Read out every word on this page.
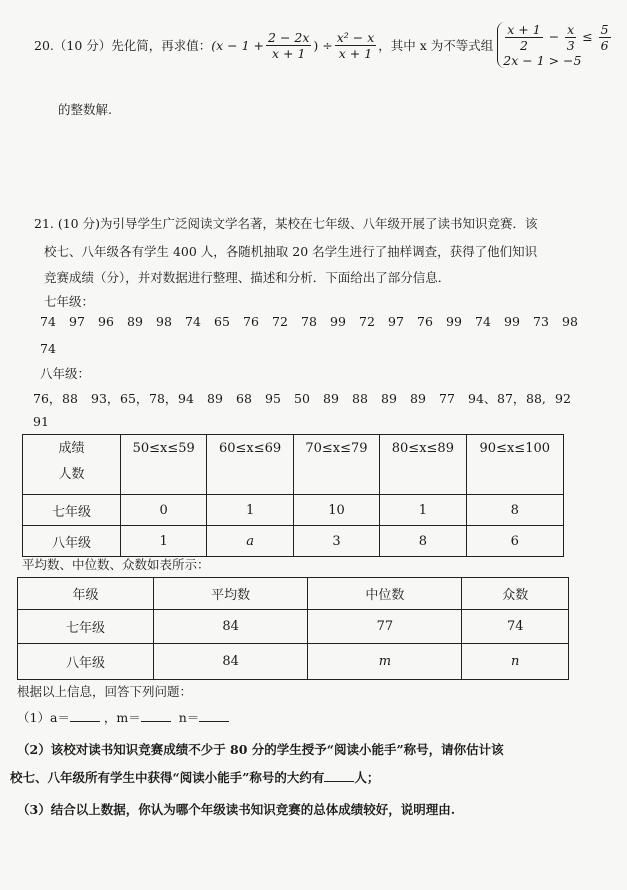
20.（10 分）先化简，再求值： ($x - 1 + \frac{2 - 2x}{x + 1}$ ) ÷ $\frac{\text{x² − x}}{x + 1}$ ，其中 x 为不等式组 $\frac{x + 1}{2} - \frac{x}{3} \le \frac{5}{6}$
2x − 1 > −5
的整数解.
21. (10 分)为引导学生广泛阅读文学名著，某校在七年级、八年级开展了读书知识竞赛．该
校七、八年级各有学生 400 人，各随机抽取 20 名学生进行了抽样调查，获得了他们知识
竞赛成绩（分），并对数据进行整理、描述和分析．下面给出了部分信息．
七年级：
74 97 96 89 98 74 65 76 72 78 99 72 97 76 99 74 99 73 98
74
八年级：
76，88 93，65，78，94 89 68 95 50 89 88 89 89 77 94、87，88, 92
91
成绩
人数	50≤x≤59	60≤x≤69	70≤x≤79	80≤x≤89	90≤x≤100
七年级	0	1	10	1	8
八年级	1	a	3	8	6
平均数、中位数、众数如表所示：
年级	平均数	中位数	众数
七年级	84	77	74
八年级	84	m	n
根据以上信息，回答下列问题：
（1）a＝	，m＝	n＝
（2）该校对读书知识竞赛成绩不少于 80 分的学生授予“阅读小能手”称号，请你估计该
校七、八年级所有学生中获得“阅读小能手”称号的大约有 人；
（3）结合以上数据，你认为哪个年级读书知识竞赛的总体成绩较好，说明理由.
